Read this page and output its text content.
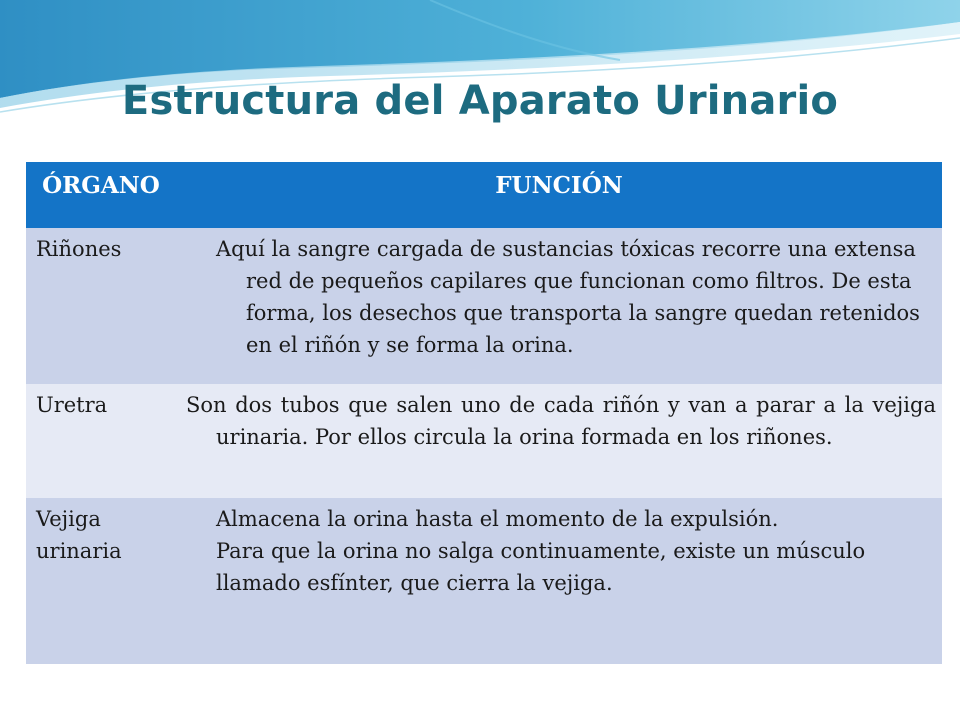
Estructura del Aparato Urinario
ÓRGANO	FUNCIÓN
Riñones	Aquí la sangre cargada de sustancias tóxicas recorre una extensa red de pequeños capilares que funcionan como filtros. De esta forma, los desechos que transporta la sangre quedan retenidos en el riñón y se forma la orina.

Uretra	Son dos tubos que salen uno de cada riñón y van a parar a la vejiga urinaria. Por ellos circula la orina formada en los riñones.

Vejiga urinaria	Almacena la orina hasta el momento de la expulsión.

Para que la orina no salga continuamente, existe un músculo llamado esfínter, que cierra la vejiga.
